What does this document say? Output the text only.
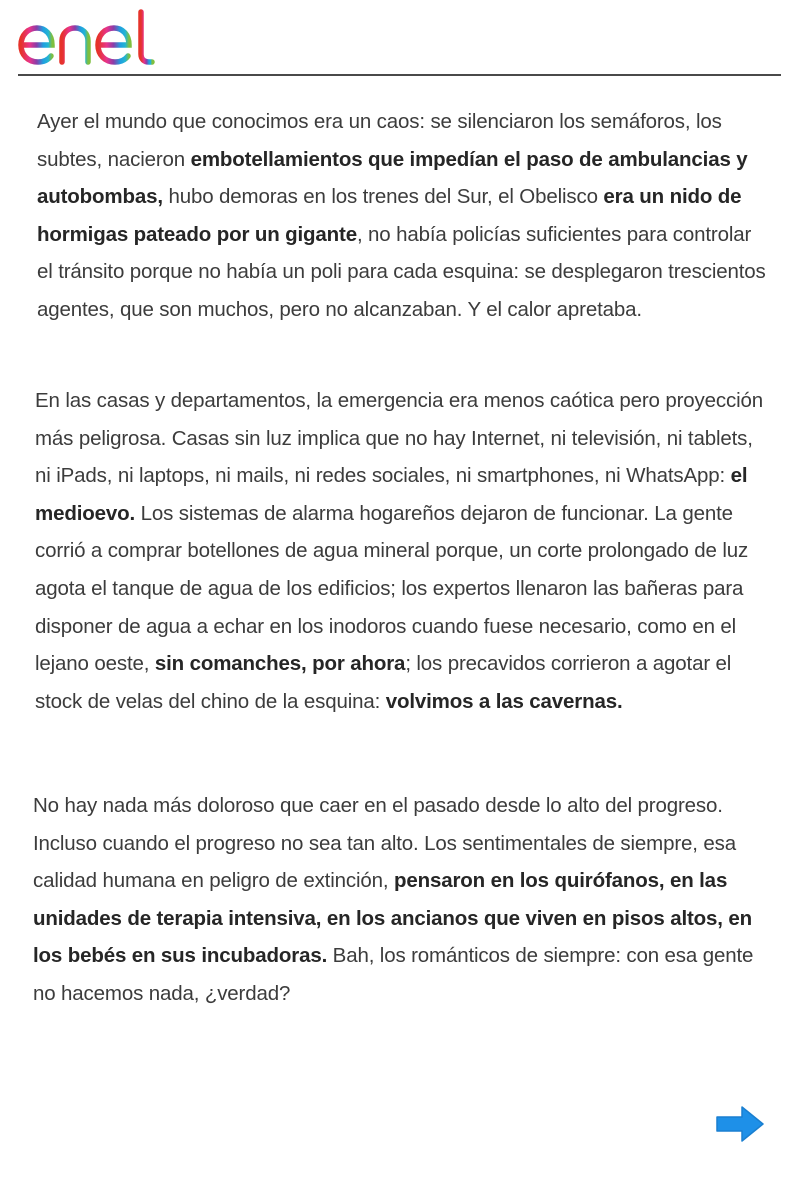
Ayer el mundo que conocimos era un caos: se silenciaron los semáforos, los subtes, nacieron embotellamientos que impedían el paso de ambulancias y autobombas, hubo demoras en los trenes del Sur, el Obelisco era un nido de hormigas pateado por un gigante, no había policías suficientes para controlar el tránsito porque no había un poli para cada esquina: se desplegaron trescientos agentes, que son muchos, pero no alcanzaban. Y el calor apretaba.

En las casas y departamentos, la emergencia era menos caótica pero proyección más peligrosa. Casas sin luz implica que no hay Internet, ni televisión, ni tablets, ni iPads, ni laptops, ni mails, ni redes sociales, ni smartphones, ni WhatsApp: el medioevo. Los sistemas de alarma hogareños dejaron de funcionar. La gente corrió a comprar botellones de agua mineral porque, un corte prolongado de luz agota el tanque de agua de los edificios; los expertos llenaron las bañeras para disponer de agua a echar en los inodoros cuando fuese necesario, como en el lejano oeste, sin comanches, por ahora; los precavidos corrieron a agotar el stock de velas del chino de la esquina: volvimos a las cavernas.

No hay nada más doloroso que caer en el pasado desde lo alto del progreso. Incluso cuando el progreso no sea tan alto. Los sentimentales de siempre, esa calidad humana en peligro de extinción, pensaron en los quirófanos, en las unidades de terapia intensiva, en los ancianos que viven en pisos altos, en los bebés en sus incubadoras. Bah, los románticos de siempre: con esa gente no hacemos nada, ¿verdad?
